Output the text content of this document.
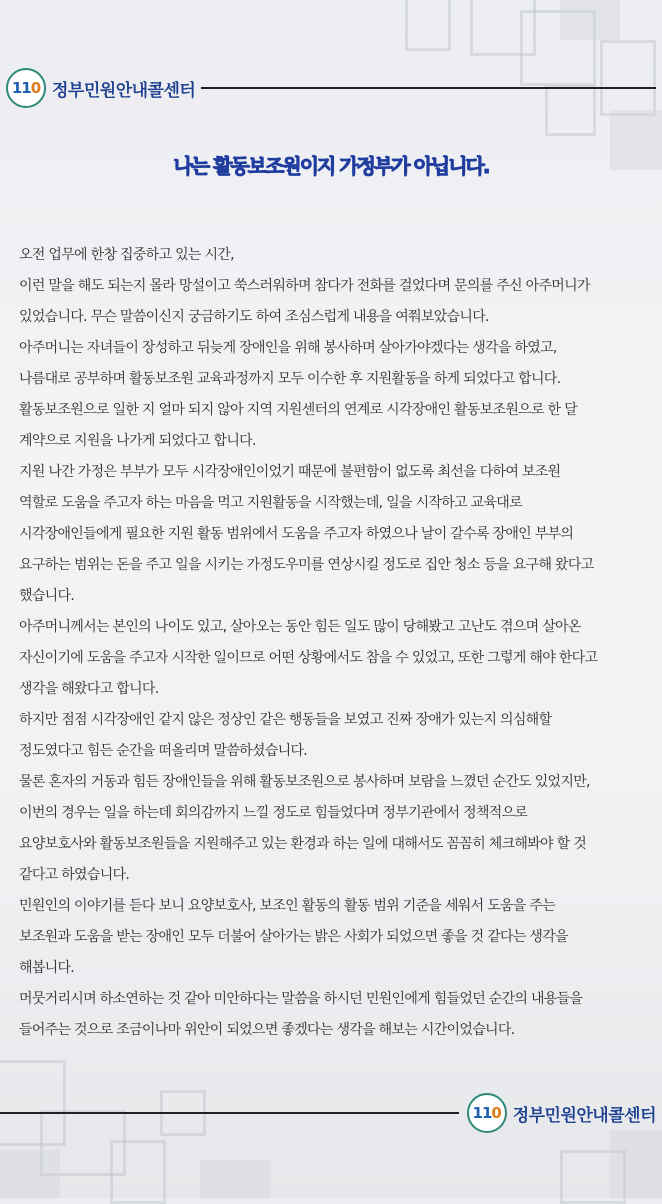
1 1 0 정부민원안내콜센터
나는 활동보조원이지 가정부가 아닙니다.

오전 업무에 한창 집중하고 있는 시간,

이런 말을 해도 되는지 몰라 망설이고 쑥스러워하며 참다가 전화를 걸었다며 문의를 주신 아주머니가

있었습니다. 무슨 말씀이신지 궁금하기도 하여 조심스럽게 내용을 여쭤보았습니다.

아주머니는 자녀들이 장성하고 뒤늦게 장애인을 위해 봉사하며 살아가야겠다는 생각을 하였고,

나름대로 공부하며 활동보조원 교육과정까지 모두 이수한 후 지원활동을 하게 되었다고 합니다.

활동보조원으로 일한 지 얼마 되지 않아 지역 지원센터의 연계로 시각장애인 활동보조원으로 한 달

계약으로 지원을 나가게 되었다고 합니다.

지원 나간 가정은 부부가 모두 시각장애인이었기 때문에 불편함이 없도록 최선을 다하여 보조원

역할로 도움을 주고자 하는 마음을 먹고 지원활동을 시작했는데, 일을 시작하고 교육대로

시각장애인들에게 필요한 지원 활동 범위에서 도움을 주고자 하였으나 날이 갈수록 장애인 부부의

요구하는 범위는 돈을 주고 일을 시키는 가정도우미를 연상시킬 정도로 집안 청소 등을 요구해 왔다고

했습니다.

아주머니께서는 본인의 나이도 있고, 살아오는 동안 힘든 일도 많이 당해봤고 고난도 겪으며 살아온

자신이기에 도움을 주고자 시작한 일이므로 어떤 상황에서도 참을 수 있었고, 또한 그렇게 해야 한다고

생각을 해왔다고 합니다.

하지만 점점 시각장애인 같지 않은 정상인 같은 행동들을 보였고 진짜 장애가 있는지 의심해할

정도였다고 힘든 순간을 떠올리며 말씀하셨습니다.

물론 혼자의 거동과 힘든 장애인들을 위해 활동보조원으로 봉사하며 보람을 느꼈던 순간도 있었지만,

이번의 경우는 일을 하는데 회의감까지 느낄 정도로 힘들었다며 정부기관에서 정책적으로

요양보호사와 활동보조원들을 지원해주고 있는 환경과 하는 일에 대해서도 꼼꼼히 체크해봐야 할 것

같다고 하였습니다.

민원인의 이야기를 듣다 보니 요양보호사, 보조인 활동의 활동 범위 기준을 세워서 도움을 주는

보조원과 도움을 받는 장애인 모두 더불어 살아가는 밝은 사회가 되었으면 좋을 것 같다는 생각을

해봅니다.

머뭇거리시며 하소연하는 것 같아 미안하다는 말씀을 하시던 민원인에게 힘들었던 순간의 내용들을

들어주는 것으로 조금이나마 위안이 되었으면 좋겠다는 생각을 해보는 시간이었습니다.

1 1 0 정부민원안내콜센터
